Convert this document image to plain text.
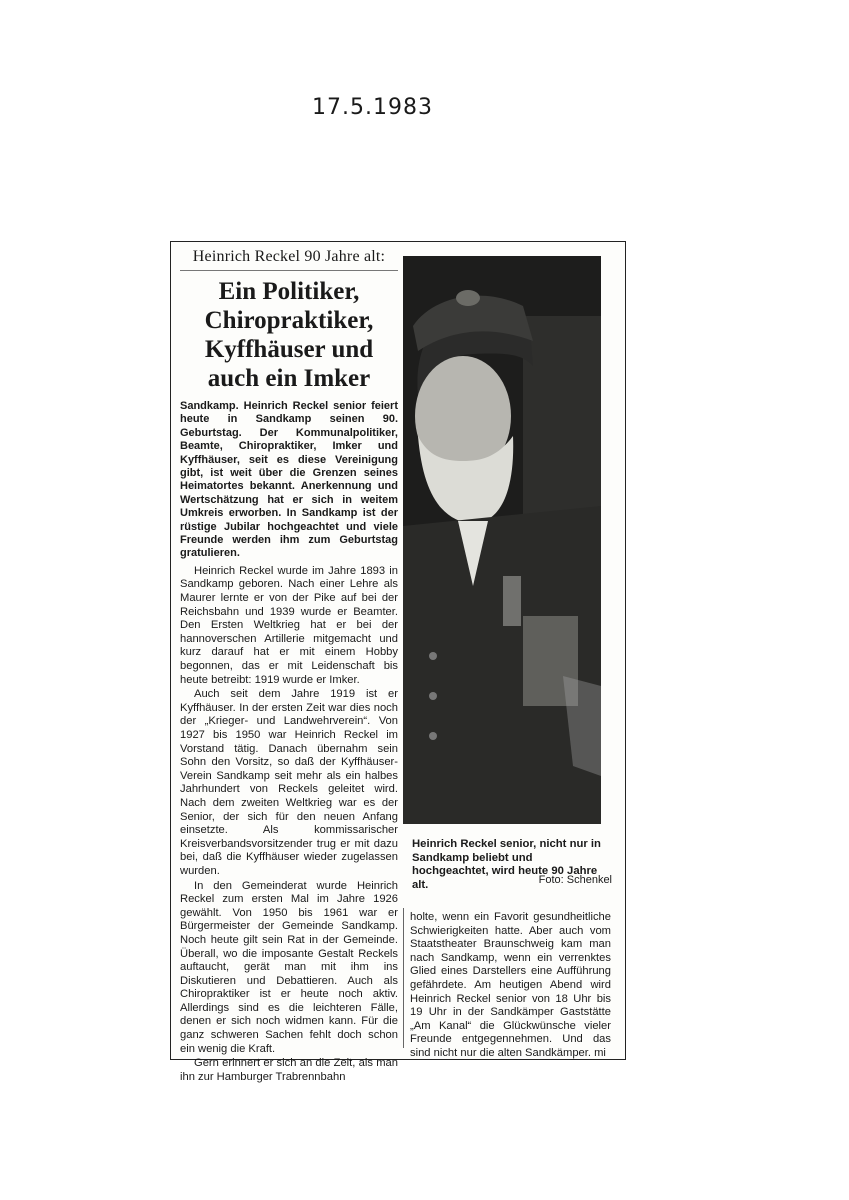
17.5.1983
Heinrich Reckel 90 Jahre alt:
Ein Politiker,
Chiropraktiker,
Kyffhäuser und
auch ein Imker

Sandkamp. Heinrich Reckel senior feiert heute in Sandkamp seinen 90. Geburtstag. Der Kommunalpolitiker, Beamte, Chiropraktiker, Imker und Kyffhäuser, seit es diese Vereinigung gibt, ist weit über die Grenzen seines Heimatortes bekannt. Anerkennung und Wertschätzung hat er sich in weitem Umkreis erworben. In Sandkamp ist der rüstige Jubilar hochgeachtet und viele Freunde werden ihm zum Geburtstag gratulieren.

Heinrich Reckel wurde im Jahre 1893 in Sandkamp geboren. Nach einer Lehre als Maurer lernte er von der Pike auf bei der Reichsbahn und 1939 wurde er Beamter. Den Ersten Weltkrieg hat er bei der hannoverschen Artillerie mitgemacht und kurz darauf hat er mit einem Hobby begonnen, das er mit Leidenschaft bis heute betreibt: 1919 wurde er Imker.

Auch seit dem Jahre 1919 ist er Kyffhäuser. In der ersten Zeit war dies noch der „Krieger- und Landwehrverein“. Von 1927 bis 1950 war Heinrich Reckel im Vorstand tätig. Danach übernahm sein Sohn den Vorsitz, so daß der Kyffhäuser-Verein Sandkamp seit mehr als ein halbes Jahrhundert von Reckels geleitet wird. Nach dem zweiten Weltkrieg war es der Senior, der sich für den neuen Anfang einsetzte. Als kommissarischer Kreisverbandsvorsitzender trug er mit dazu bei, daß die Kyffhäuser wieder zugelassen wurden.

In den Gemeinderat wurde Heinrich Reckel zum ersten Mal im Jahre 1926 gewählt. Von 1950 bis 1961 war er Bürgermeister der Gemeinde Sandkamp. Noch heute gilt sein Rat in der Gemeinde. Überall, wo die imposante Gestalt Reckels auftaucht, gerät man mit ihm ins Diskutieren und Debattieren. Auch als Chiropraktiker ist er heute noch aktiv. Allerdings sind es die leichteren Fälle, denen er sich noch widmen kann. Für die ganz schweren Sachen fehlt doch schon ein wenig die Kraft.

Gern erinnert er sich an die Zeit, als man ihn zur Hamburger Trabrennbahn

Heinrich Reckel senior, nicht nur in Sandkamp beliebt und hochgeachtet, wird heute 90 Jahre alt.	Foto: Schenkel
holte, wenn ein Favorit gesundheitliche Schwierigkeiten hatte. Aber auch vom Staatstheater Braunschweig kam man nach Sandkamp, wenn ein verrenktes Glied eines Darstellers eine Aufführung gefährdete. Am heutigen Abend wird Heinrich Reckel senior von 18 Uhr bis 19 Uhr in der Sandkämper Gaststätte „Am Kanal“ die Glückwünsche vieler Freunde entgegennehmen. Und das sind nicht nur die alten Sandkämper. mi
